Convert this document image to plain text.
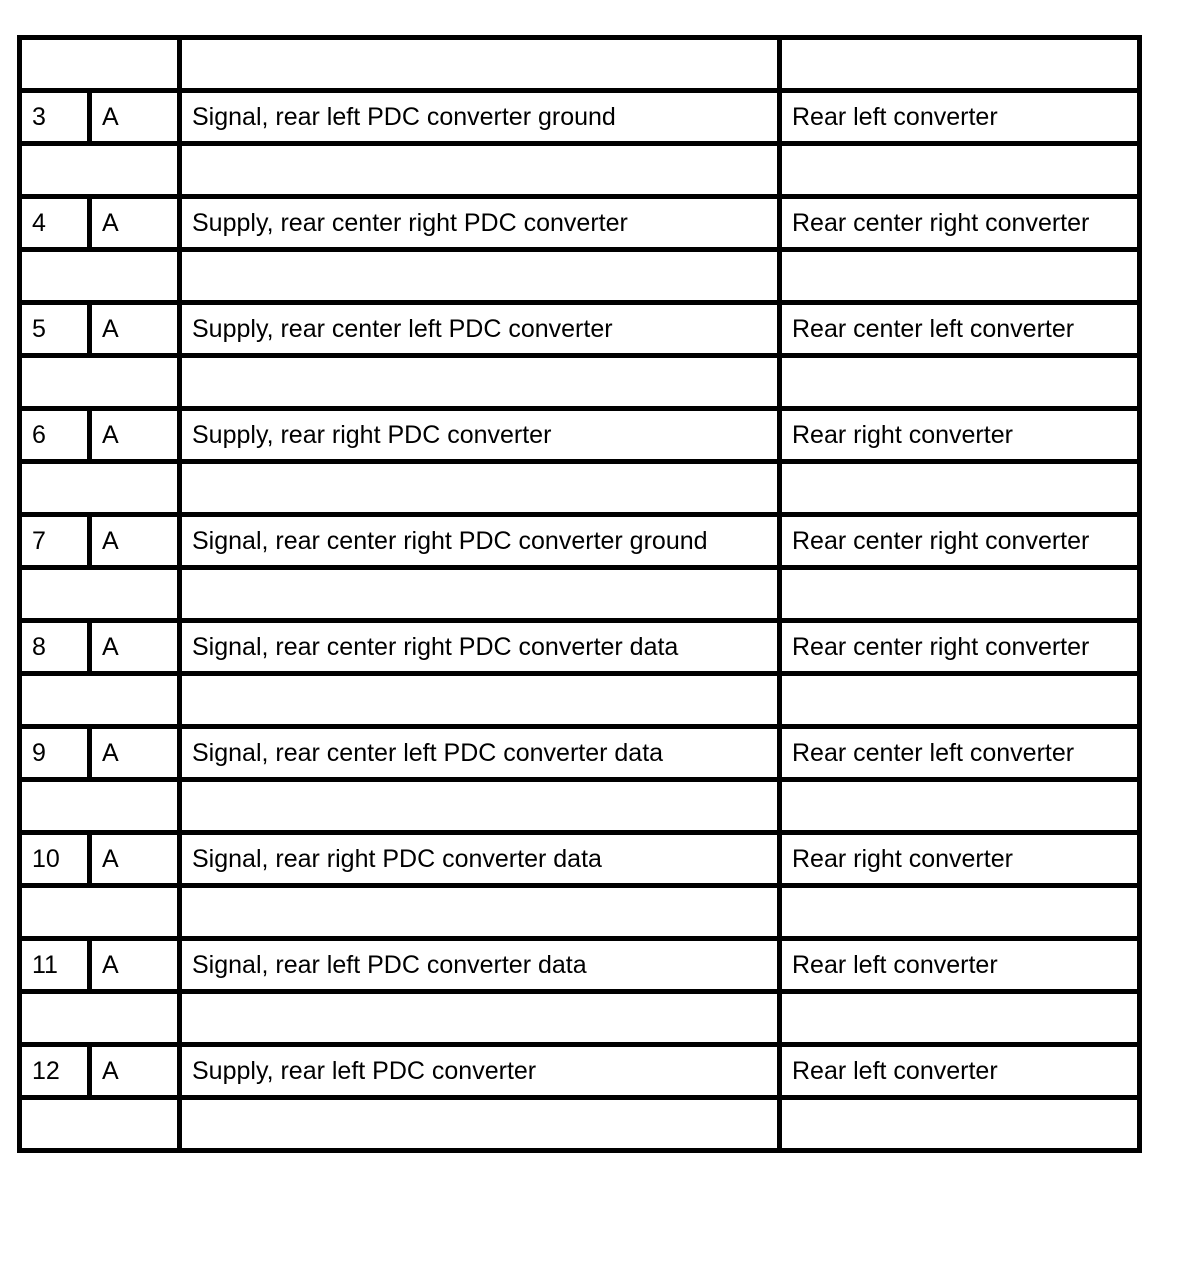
3	A	Signal, rear left PDC converter ground	Rear left converter

4	A	Supply, rear center right PDC converter	Rear center right converter

5	A	Supply, rear center left PDC converter	Rear center left converter

6	A	Supply, rear right PDC converter	Rear right converter

7	A	Signal, rear center right PDC converter ground	Rear center right converter

8	A	Signal, rear center right PDC converter data	Rear center right converter

9	A	Signal, rear center left PDC converter data	Rear center left converter

10	A	Signal, rear right PDC converter data	Rear right converter

11	A	Signal, rear left PDC converter data	Rear left converter

12	A	Supply, rear left PDC converter	Rear left converter
